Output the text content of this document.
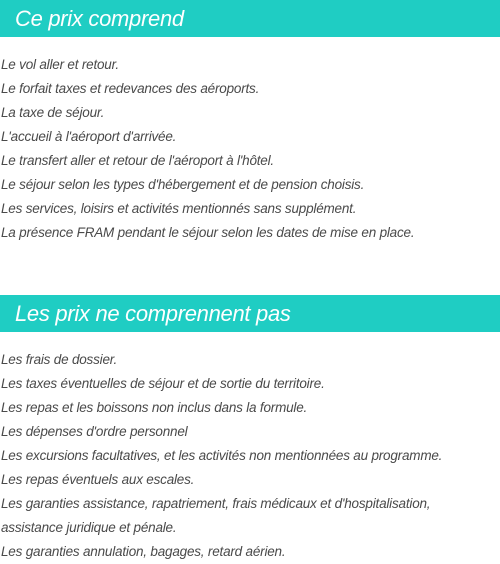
Ce prix comprend
Le vol aller et retour.
Le forfait taxes et redevances des aéroports.
La taxe de séjour.
L'accueil à l'aéroport d'arrivée.
Le transfert aller et retour de l'aéroport à l'hôtel.
Le séjour selon les types d'hébergement et de pension choisis.
Les services, loisirs et activités mentionnés sans supplément.
La présence FRAM pendant le séjour selon les dates de mise en place.
Les prix ne comprennent pas
Les frais de dossier.
Les taxes éventuelles de séjour et de sortie du territoire.
Les repas et les boissons non inclus dans la formule.
Les dépenses d'ordre personnel
Les excursions facultatives, et les activités non mentionnées au programme.
Les repas éventuels aux escales.
Les garanties assistance, rapatriement, frais médicaux et d'hospitalisation,
assistance juridique et pénale.
Les garanties annulation, bagages, retard aérien.
